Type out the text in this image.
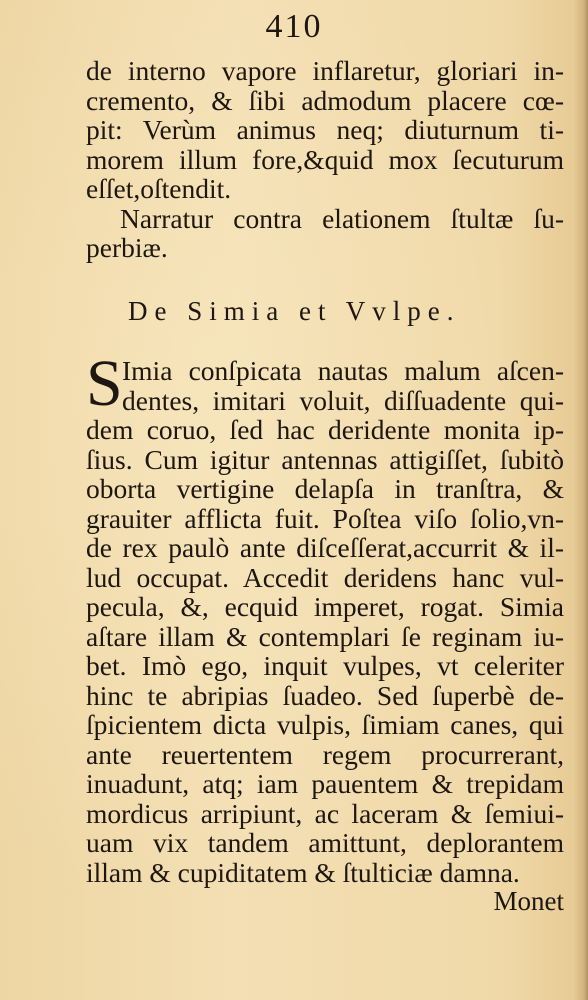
410
de interno vapore inflaretur, gloriari in-
cremento, & ſibi admodum placere cœ-
pit: Verùm animus neq; diuturnum ti-
morem illum fore,&quid mox ſecuturum
eſſet,oſtendit.
Narratur contra elationem ſtultæ ſu-
perbiæ.
De Simia et Vvlpe.
S Imia conſpicata nautas malum aſcen-
dentes, imitari voluit, diſſuadente qui-
dem coruo, ſed hac deridente monita ip-
ſius. Cum igitur antennas attigiſſet, ſubitò
oborta vertigine delapſa in tranſtra, &
grauiter afflicta fuit. Poſtea viſo ſolio,vn-
de rex paulò ante diſceſſerat,accurrit & il-
lud occupat. Accedit deridens hanc vul-
pecula, &, ecquid imperet, rogat. Simia
aſtare illam & contemplari ſe reginam iu-
bet. Imò ego, inquit vulpes, vt celeriter
hinc te abripias ſuadeo. Sed ſuperbè de-
ſpicientem dicta vulpis, ſimiam canes, qui
ante reuertentem regem procurrerant,
inuadunt, atq; iam pauentem & trepidam
mordicus arripiunt, ac laceram & ſemiui-
uam vix tandem amittunt, deplorantem
illam & cupiditatem & ſtulticiæ damna.
Monet
